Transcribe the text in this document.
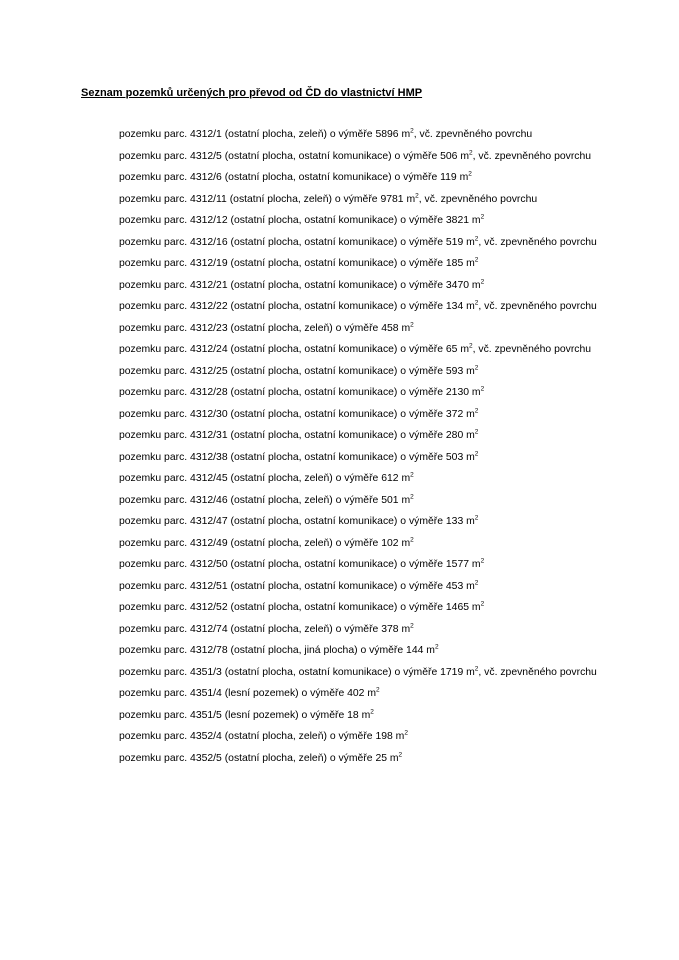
Seznam pozemků určených pro převod od ČD do vlastnictví HMP
pozemku parc. 4312/1 (ostatní plocha, zeleň) o výměře 5896 $m^2$, vč. zpevněného povrchu
pozemku parc. 4312/5 (ostatní plocha, ostatní komunikace) o výměře 506 $m^2$, vč. zpevněného povrchu
pozemku parc. 4312/6 (ostatní plocha, ostatní komunikace) o výměře 119 $m^2$
pozemku parc. 4312/11 (ostatní plocha, zeleň) o výměře 9781 $m^2$, vč. zpevněného povrchu
pozemku parc. 4312/12 (ostatní plocha, ostatní komunikace) o výměře 3821 $m^2$
pozemku parc. 4312/16 (ostatní plocha, ostatní komunikace) o výměře 519 $m^2$, vč. zpevněného povrchu
pozemku parc. 4312/19 (ostatní plocha, ostatní komunikace) o výměře 185 $m^2$
pozemku parc. 4312/21 (ostatní plocha, ostatní komunikace) o výměře 3470 $m^2$
pozemku parc. 4312/22 (ostatní plocha, ostatní komunikace) o výměře 134 $m^2$, vč. zpevněného povrchu
pozemku parc. 4312/23 (ostatní plocha, zeleň) o výměře 458 $m^2$
pozemku parc. 4312/24 (ostatní plocha, ostatní komunikace) o výměře 65 $m^2$, vč. zpevněného povrchu
pozemku parc. 4312/25 (ostatní plocha, ostatní komunikace) o výměře 593 $m^2$
pozemku parc. 4312/28 (ostatní plocha, ostatní komunikace) o výměře 2130 $m^2$
pozemku parc. 4312/30 (ostatní plocha, ostatní komunikace) o výměře 372 $m^2$
pozemku parc. 4312/31 (ostatní plocha, ostatní komunikace) o výměře 280 $m^2$
pozemku parc. 4312/38 (ostatní plocha, ostatní komunikace) o výměře 503 $m^2$
pozemku parc. 4312/45 (ostatní plocha, zeleň) o výměře 612 $m^2$
pozemku parc. 4312/46 (ostatní plocha, zeleň) o výměře 501 $m^2$
pozemku parc. 4312/47 (ostatní plocha, ostatní komunikace) o výměře 133 $m^2$
pozemku parc. 4312/49 (ostatní plocha, zeleň) o výměře 102 $m^2$
pozemku parc. 4312/50 (ostatní plocha, ostatní komunikace) o výměře 1577 $m^2$
pozemku parc. 4312/51 (ostatní plocha, ostatní komunikace) o výměře 453 $m^2$
pozemku parc. 4312/52 (ostatní plocha, ostatní komunikace) o výměře 1465 $m^2$
pozemku parc. 4312/74 (ostatní plocha, zeleň) o výměře 378 $m^2$
pozemku parc. 4312/78 (ostatní plocha, jiná plocha) o výměře 144 $m^2$
pozemku parc. 4351/3 (ostatní plocha, ostatní komunikace) o výměře 1719 $m^2$, vč. zpevněného povrchu
pozemku parc. 4351/4 (lesní pozemek) o výměře 402 $m^2$
pozemku parc. 4351/5 (lesní pozemek) o výměře 18 $m^2$
pozemku parc. 4352/4 (ostatní plocha, zeleň) o výměře 198 $m^2$
pozemku parc. 4352/5 (ostatní plocha, zeleň) o výměře 25 $m^2$
